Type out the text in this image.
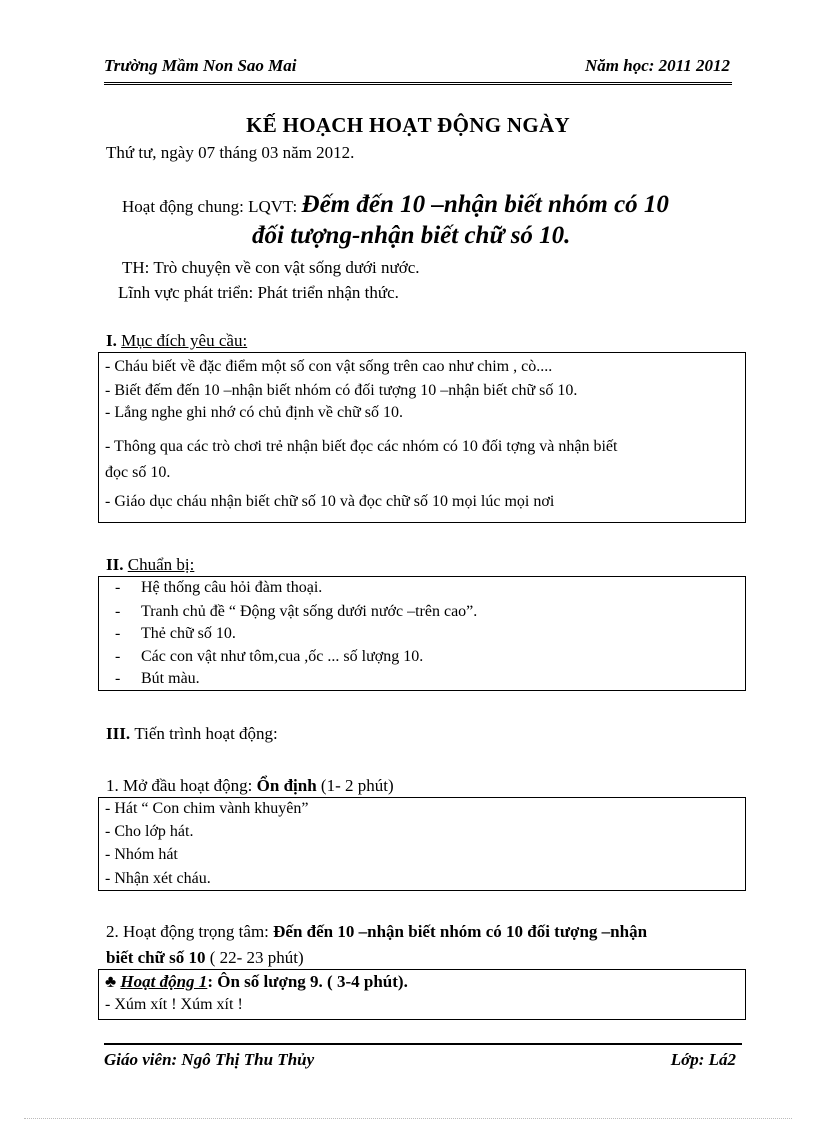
Trường Mầm Non Sao Mai	Năm học: 2011 2012
KẾ HOẠCH HOẠT ĐỘNG NGÀY
Thứ tư, ngày 07 tháng 03 năm 2012.
Hoạt động chung: LQVT: Đếm đến 10 –nhận biết nhóm có 10
đối tượng-nhận biết chữ só 10.
TH: Trò chuyện về con vật sống dưới nước.
Lĩnh vực phát triển: Phát triển nhận thức.
I. Mục đích yêu cầu:
- Cháu biết về đặc điểm một số con vật sống trên cao như chim , cò....
- Biết đếm đến 10 –nhận biết nhóm có đối tượng 10 –nhận biết chữ số 10.
- Lắng nghe ghi nhớ có chủ định về chữ số 10.
- Thông qua các trò chơi trẻ nhận biết đọc các nhóm có 10 đối tợng và nhận biết
đọc số 10.
- Giáo dục cháu nhận biết chữ số 10 và đọc chữ số 10 mọi lúc mọi nơi
II. Chuẩn bị:
- Hệ thống câu hỏi đàm thoại.
- Tranh chủ đề “ Động vật sống dưới nước –trên cao”.
- Thẻ chữ số 10.
- Các con vật như tôm,cua ,ốc ... số lượng 10.
- Bút màu.
III. Tiến trình hoạt động:
1. Mở đầu hoạt động: Ổn định (1- 2 phút)
- Hát “ Con chim vành khuyên”
- Cho lớp hát.
- Nhóm hát
- Nhận xét cháu.
2. Hoạt động trọng tâm: Đến đến 10 –nhận biết nhóm có 10 đối tượng –nhận
biết chữ số 10 ( 22- 23 phút)
♣ Hoạt động 1: Ôn số lượng 9. ( 3-4 phút).
- Xúm xít ! Xúm xít !
Giáo viên: Ngô Thị Thu Thủy	Lớp: Lá2
